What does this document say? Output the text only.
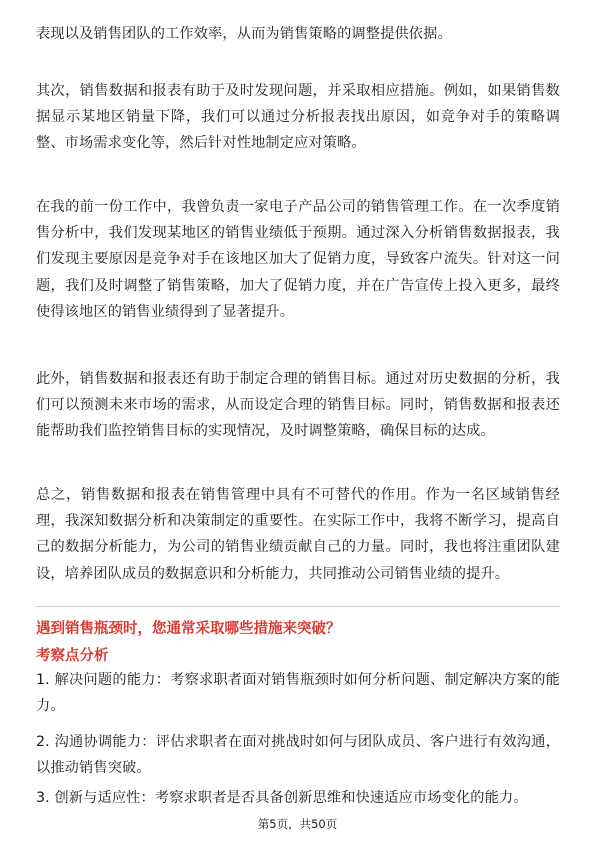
表现以及销售团队的工作效率，从而为销售策略的调整提供依据。

其次，销售数据和报表有助于及时发现问题，并采取相应措施。例如，如果销售数据显示某地区销量下降，我们可以通过分析报表找出原因，如竞争对手的策略调整、市场需求变化等，然后针对性地制定应对策略。

在我的前一份工作中，我曾负责一家电子产品公司的销售管理工作。在一次季度销售分析中，我们发现某地区的销售业绩低于预期。通过深入分析销售数据报表，我们发现主要原因是竞争对手在该地区加大了促销力度，导致客户流失。针对这一问题，我们及时调整了销售策略，加大了促销力度，并在广告宣传上投入更多，最终使得该地区的销售业绩得到了显著提升。

此外，销售数据和报表还有助于制定合理的销售目标。通过对历史数据的分析，我们可以预测未来市场的需求，从而设定合理的销售目标。同时，销售数据和报表还能帮助我们监控销售目标的实现情况，及时调整策略，确保目标的达成。

总之，销售数据和报表在销售管理中具有不可替代的作用。作为一名区域销售经理，我深知数据分析和决策制定的重要性。在实际工作中，我将不断学习，提高自己的数据分析能力，为公司的销售业绩贡献自己的力量。同时，我也将注重团队建设，培养团队成员的数据意识和分析能力，共同推动公司销售业绩的提升。

遇到销售瓶颈时，您通常采取哪些措施来突破？

考察点分析

1. 解决问题的能力：考察求职者面对销售瓶颈时如何分析问题、制定解决方案的能力。

2. 沟通协调能力：评估求职者在面对挑战时如何与团队成员、客户进行有效沟通，以推动销售突破。

3. 创新与适应性：考察求职者是否具备创新思维和快速适应市场变化的能力。

第5页，共50页
